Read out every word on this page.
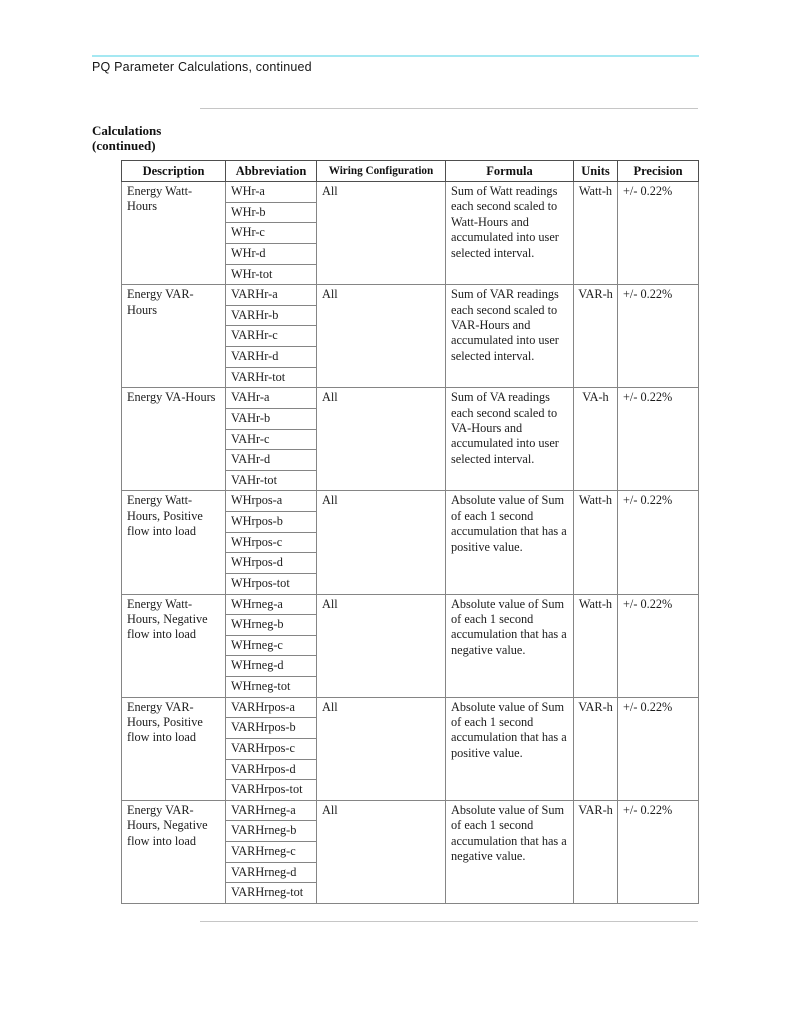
PQ Parameter Calculations, continued
Calculations
(continued)
Description	Abbreviation	Wiring Configuration	Formula	Units	Precision
Energy Watt-Hours	WHr-a	All	Sum of Watt readings each second scaled to Watt-Hours and accumulated into user selected interval.	Watt-h	+/- 0.22%
	WHr-b				
	WHr-c				
	WHr-d				
	WHr-tot				
Energy VAR-Hours	VARHr-a	All	Sum of VAR readings each second scaled to VAR-Hours and accumulated into user selected interval.	VAR-h	+/- 0.22%
	VARHr-b				
	VARHr-c				
	VARHr-d				
	VARHr-tot				
Energy VA-Hours	VAHr-a	All	Sum of VA readings each second scaled to VA-Hours and accumulated into user selected interval.	VA-h	+/- 0.22%
	VAHr-b				
	VAHr-c				
	VAHr-d				
	VAHr-tot				
Energy Watt-Hours, Positive flow into load	WHrpos-a	All	Absolute value of Sum of each 1 second accumulation that has a positive value.	Watt-h	+/- 0.22%
	WHrpos-b				
	WHrpos-c				
	WHrpos-d				
	WHrpos-tot				
Energy Watt-Hours, Negative flow into load	WHrneg-a	All	Absolute value of Sum of each 1 second accumulation that has a negative value.	Watt-h	+/- 0.22%
	WHrneg-b				
	WHrneg-c				
	WHrneg-d				
	WHrneg-tot				
Energy VAR-Hours, Positive flow into load	VARHrpos-a	All	Absolute value of Sum of each 1 second accumulation that has a positive value.	VAR-h	+/- 0.22%
	VARHrpos-b				
	VARHrpos-c				
	VARHrpos-d				
	VARHrpos-tot				
Energy VAR-Hours, Negative flow into load	VARHrneg-a	All	Absolute value of Sum of each 1 second accumulation that has a negative value.	VAR-h	+/- 0.22%
	VARHrneg-b				
	VARHrneg-c				
	VARHrneg-d				
	VARHrneg-tot				
